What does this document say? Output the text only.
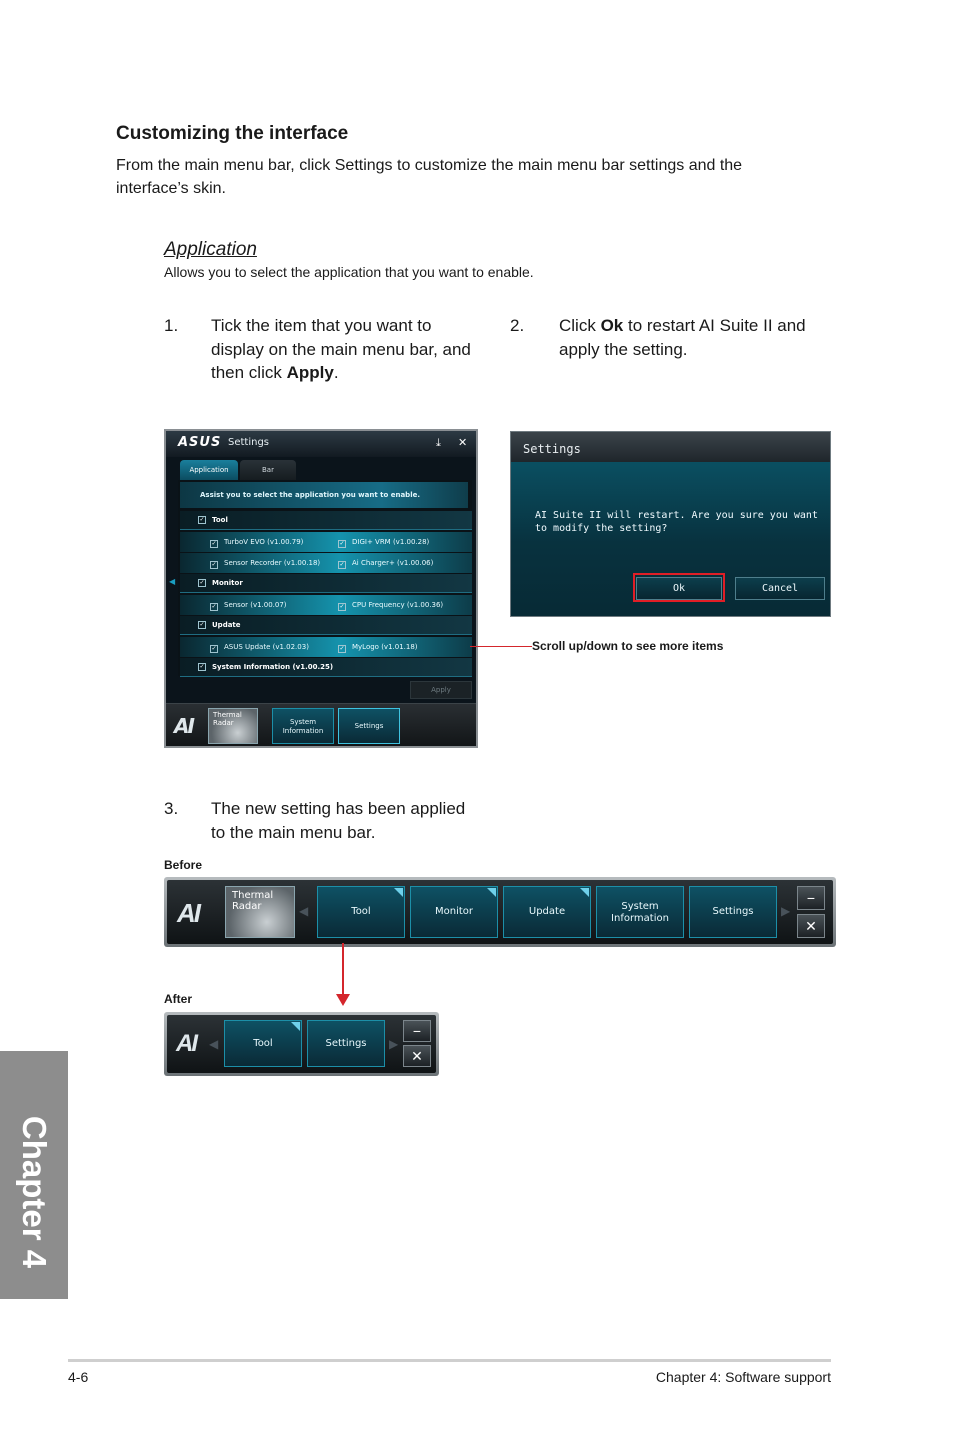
Customizing the interface
From the main menu bar, click Settings to customize the main menu bar settings and the interface’s skin.
Application
Allows you to select the application that you want to enable.
1. Tick the item that you want to display on the main menu bar, and then click Apply.
2. Click Ok to restart AI Suite II and apply the setting.
ASUS Settings	⤓ ✕
Application	Bar
Assist you to select the application you want to enable.
✓ Tool
✓ TurboV EVO (v1.00.79)	✓ DIGI+ VRM (v1.00.28)
✓ Sensor Recorder (v1.00.18)	✓ Ai Charger+ (v1.00.06)
✓ Monitor
✓ Sensor (v1.00.07)	✓ CPU Frequency (v1.00.36)
✓ Update
✓ ASUS Update (v1.02.03)	✓ MyLogo (v1.01.18)
✓ System Information (v1.00.25)
◀
Apply
AI	Thermal
Radar	System
Information
Settings
Settings
AI Suite II will restart. Are you sure you want to modify the setting?
Ok	Cancel
Scroll up/down to see more items
3. The new setting has been applied to the main menu bar.
Before
AI
Thermal
Radar	◀	Tool	Monitor	Update	System
Information
Settings	▶
−
✕
After
AI ◀	Tool	Settings	▶
−
✕
Chapter 4
4-6	Chapter 4: Software support
